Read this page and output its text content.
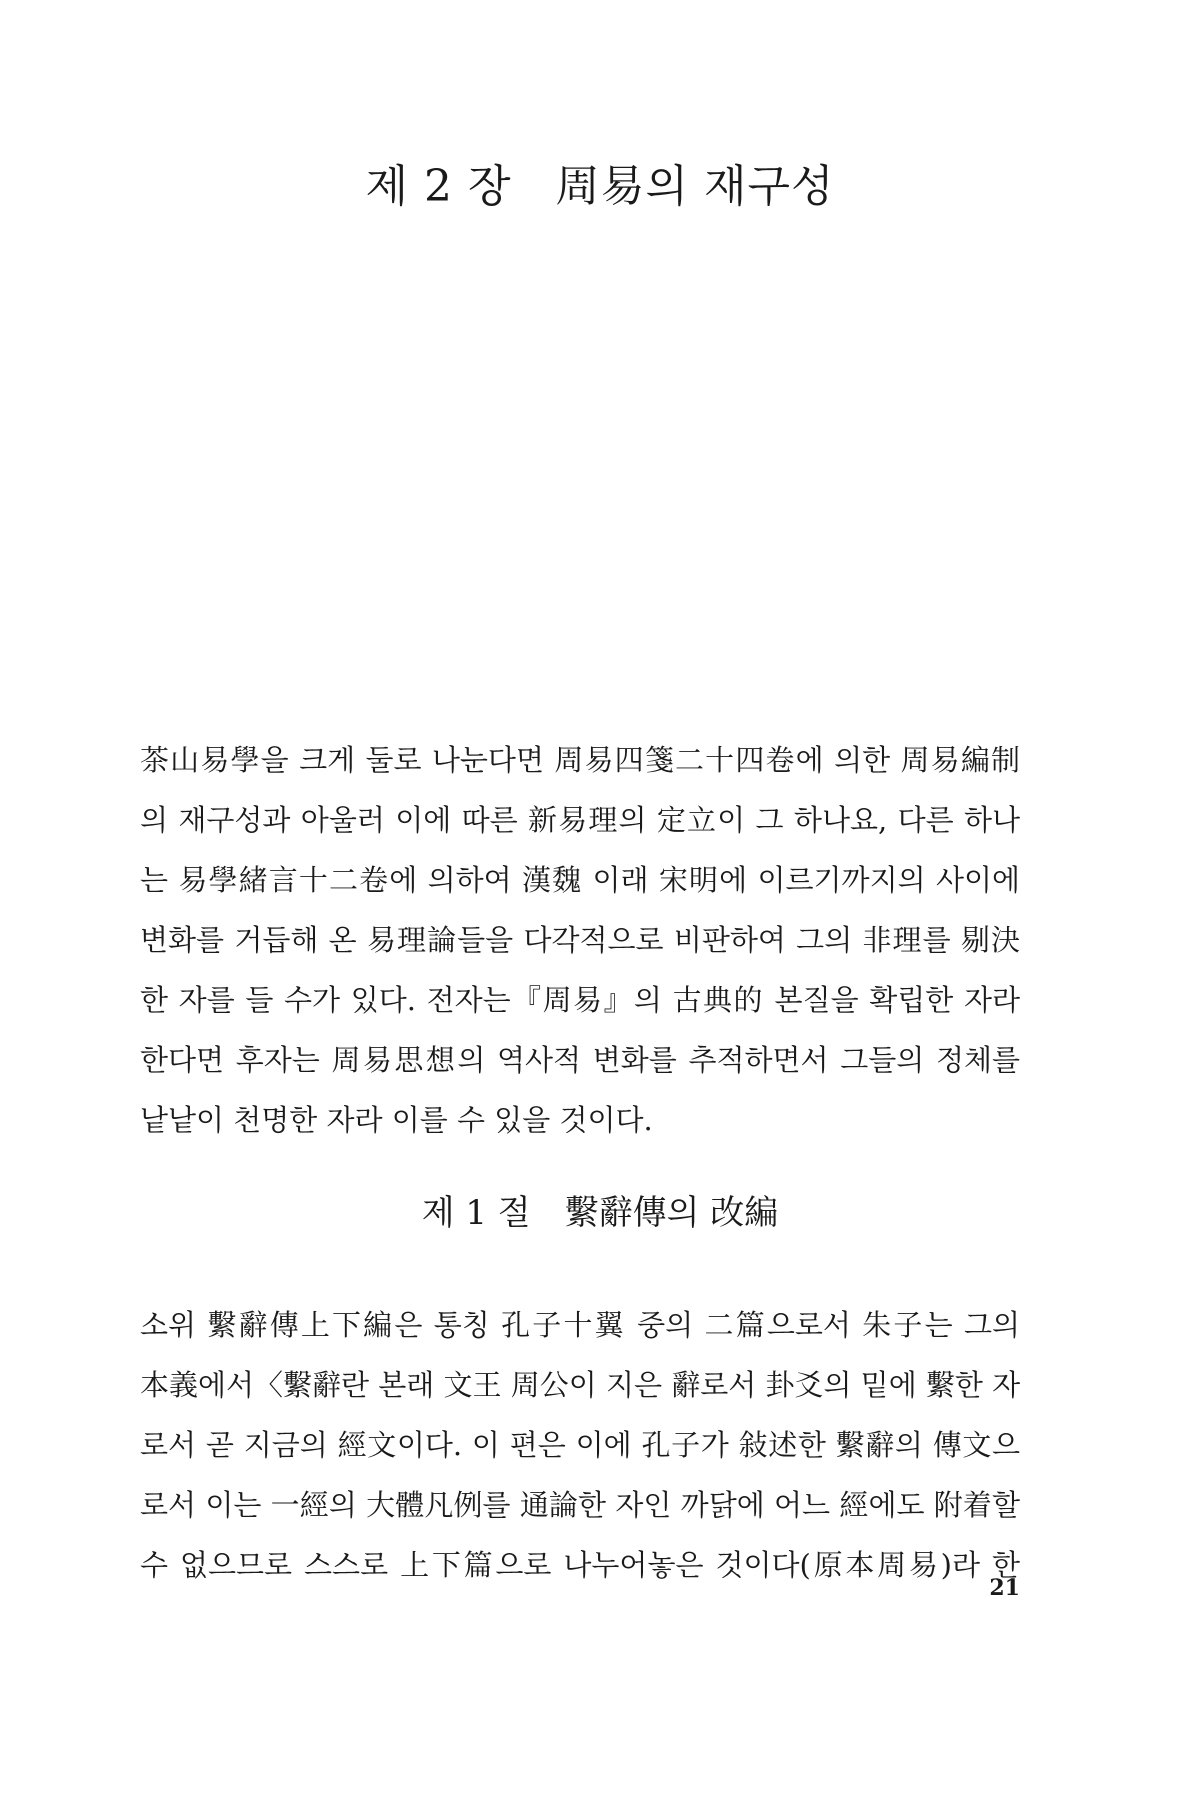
제 2 장 周易의 재구성
茶山易學을 크게 둘로 나눈다면 周易四箋二十四卷에 의한 周易編制
의 재구성과 아울러 이에 따른 新易理의 定立이 그 하나요, 다른 하나
는 易學緒言十二卷에 의하여 漢魏 이래 宋明에 이르기까지의 사이에
변화를 거듭해 온 易理論들을 다각적으로 비판하여 그의 非理를 剔決
한 자를 들 수가 있다. 전자는『周易』의 古典的 본질을 확립한 자라
한다면 후자는 周易思想의 역사적 변화를 추적하면서 그들의 정체를
낱낱이 천명한 자라 이를 수 있을 것이다.
제 1 절 繫辭傳의 改編
소위 繫辭傳上下編은 통칭 孔子十翼 중의 二篇으로서 朱子는 그의
本義에서〈繫辭란 본래 文王 周公이 지은 辭로서 卦爻의 밑에 繫한 자
로서 곧 지금의 經文이다. 이 편은 이에 孔子가 敍述한 繫辭의 傳文으
로서 이는 一經의 大體凡例를 通論한 자인 까닭에 어느 經에도 附着할
수 없으므로 스스로 上下篇으로 나누어놓은 것이다(原本周易)라 한
21
